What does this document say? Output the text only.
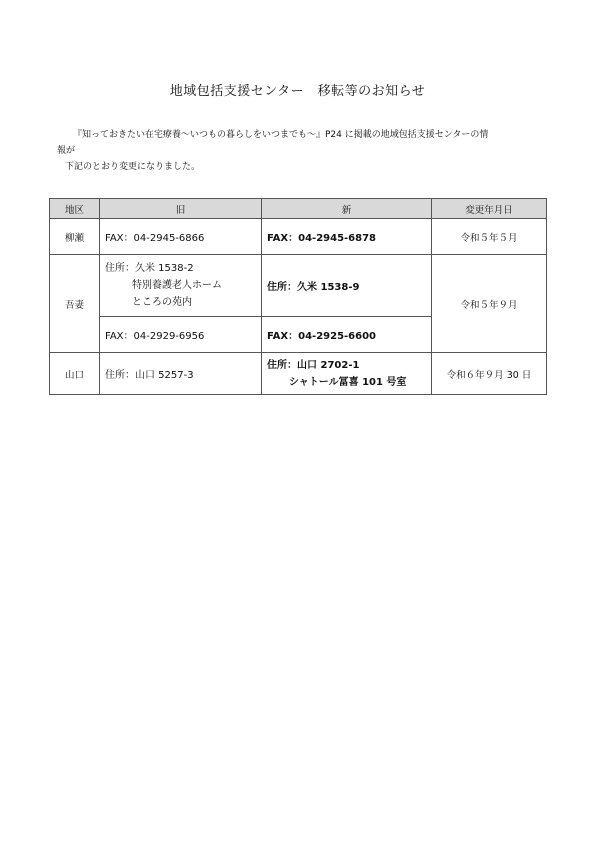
地域包括支援センター　移転等のお知らせ
『知っておきたい在宅療養～いつもの暮らしをいつまでも～』P24 に掲載の地域包括支援センターの情
報が
下記のとおり変更になりました。
地区	旧	新	変更年月日
柳瀬	FAX：04-2945-6866	FAX：04-2945-6878	令和５年５月
吾妻	住所：久米 1538-2
特別養護老人ホーム
ところの苑内	住所：久米 1538-9	令和５年９月
	FAX：04-2929-6956	FAX：04-2925-6600	
山口	住所：山口 5257-3	住所：山口 2702-1
シャトール冨喜 101 号室	令和６年９月 30 日
